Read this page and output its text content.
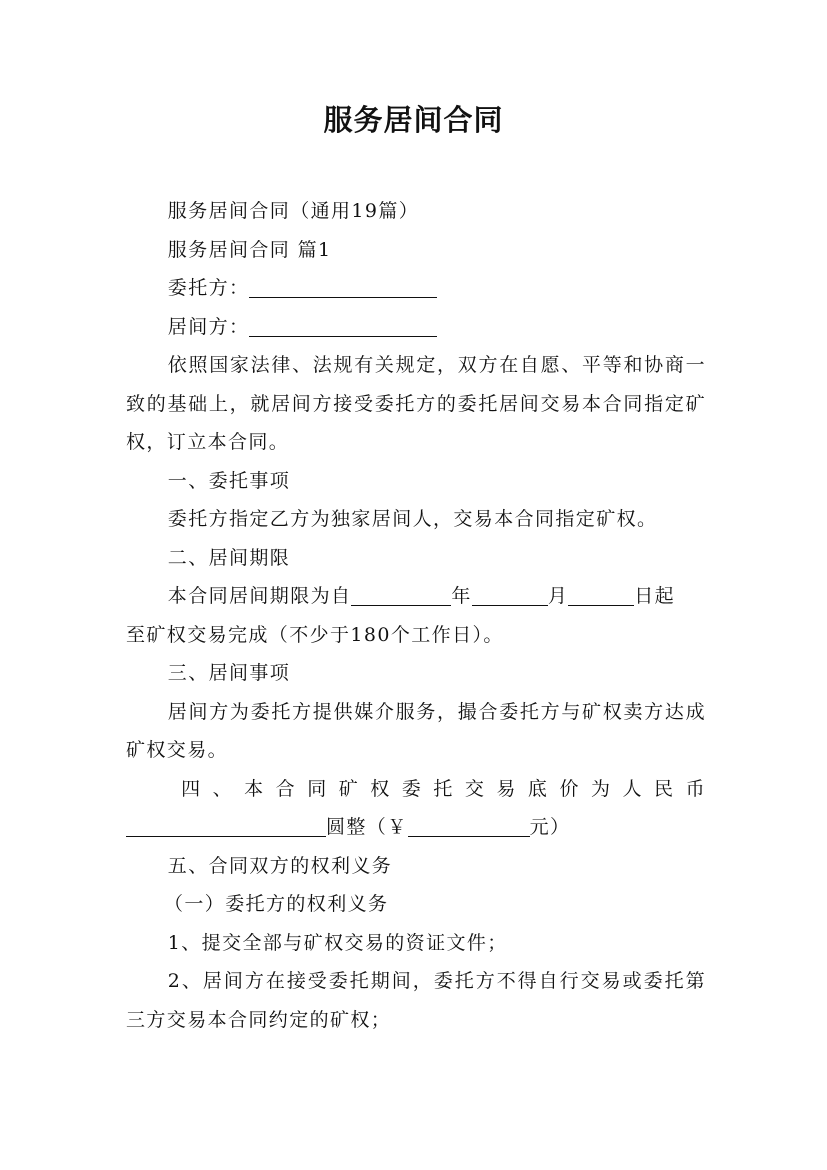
服务居间合同

服务居间合同（通用19篇）

服务居间合同 篇1

委托方：

居间方：

依照国家法律、法规有关规定，双方在自愿、平等和协商一致的基础上，就居间方接受委托方的委托居间交易本合同指定矿权，订立本合同。

一、委托事项

委托方指定乙方为独家居间人，交易本合同指定矿权。

二、居间期限

本合同居间期限为自	年	月	日起

至矿权交易完成（不少于180个工作日）。

三、居间事项

居间方为委托方提供媒介服务，撮合委托方与矿权卖方达成矿权交易。

四、本合同矿权委托交易底价为人民币

圆整（￥	元）

五、合同双方的权利义务

（一）委托方的权利义务

1、提交全部与矿权交易的资证文件；

2、居间方在接受委托期间，委托方不得自行交易或委托第三方交易本合同约定的矿权；
